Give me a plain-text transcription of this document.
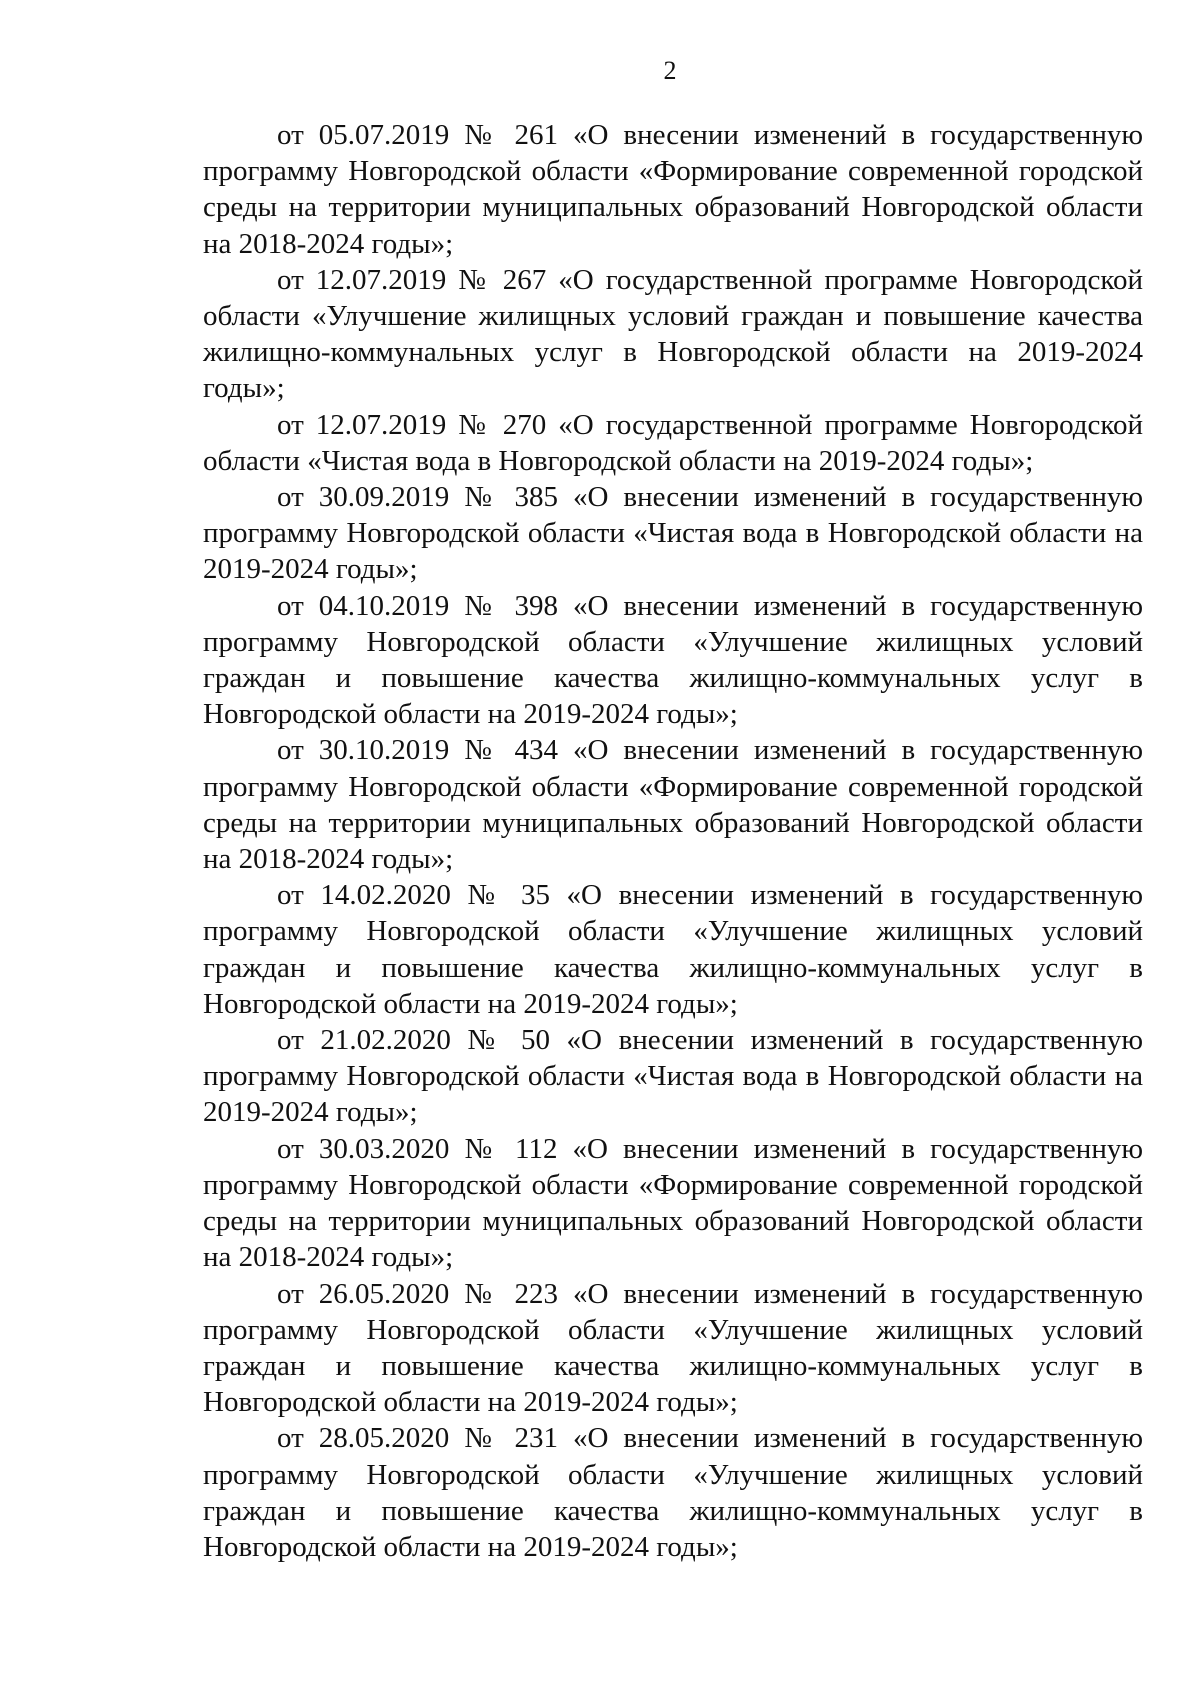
2

от 05.07.2019 № 261 «О внесении изменений в государственную программу Новгородской области «Формирование современной городской среды на территории муниципальных образований Новгородской области на 2018-2024 годы»;

от 12.07.2019 № 267 «О государственной программе Новгородской области «Улучшение жилищных условий граждан и повышение качества жилищно-коммунальных услуг в Новгородской области на 2019-2024 годы»;

от 12.07.2019 № 270 «О государственной программе Новгородской области «Чистая вода в Новгородской области на 2019-2024 годы»;

от 30.09.2019 № 385 «О внесении изменений в государственную программу Новгородской области «Чистая вода в Новгородской области на 2019-2024 годы»;

от 04.10.2019 № 398 «О внесении изменений в государственную программу Новгородской области «Улучшение жилищных условий граждан и повышение качества жилищно-коммунальных услуг в Новгородской области на 2019-2024 годы»;

от 30.10.2019 № 434 «О внесении изменений в государственную программу Новгородской области «Формирование современной городской среды на территории муниципальных образований Новгородской области на 2018-2024 годы»;

от 14.02.2020 № 35 «О внесении изменений в государственную программу Новгородской области «Улучшение жилищных условий граждан и повышение качества жилищно-коммунальных услуг в Новгородской области на 2019-2024 годы»;

от 21.02.2020 № 50 «О внесении изменений в государственную программу Новгородской области «Чистая вода в Новгородской области на 2019-2024 годы»;

от 30.03.2020 № 112 «О внесении изменений в государственную программу Новгородской области «Формирование современной городской среды на территории муниципальных образований Новгородской области на 2018-2024 годы»;

от 26.05.2020 № 223 «О внесении изменений в государственную программу Новгородской области «Улучшение жилищных условий граждан и повышение качества жилищно-коммунальных услуг в Новгородской области на 2019-2024 годы»;

от 28.05.2020 № 231 «О внесении изменений в государственную программу Новгородской области «Улучшение жилищных условий граждан и повышение качества жилищно-коммунальных услуг в Новгородской области на 2019-2024 годы»;
